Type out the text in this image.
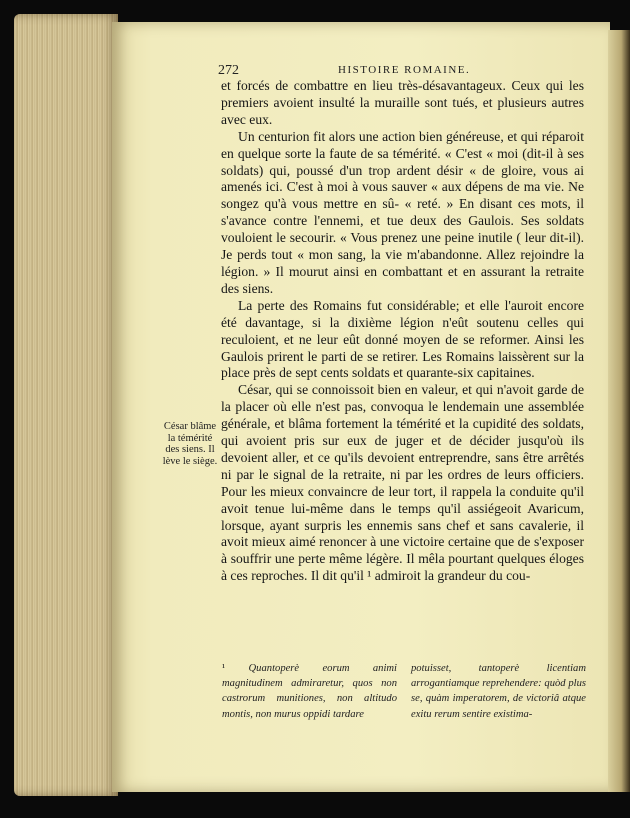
272	HISTOIRE ROMAINE.

et forcés de combattre en lieu très-désavantageux. Ceux qui les premiers avoient insulté la muraille sont tués, et plusieurs autres avec eux.

Un centurion fit alors une action bien généreuse, et qui réparoit en quelque sorte la faute de sa témérité. « C'est « moi (dit-il à ses soldats) qui, poussé d'un trop ardent désir « de gloire, vous ai amenés ici. C'est à moi à vous sauver « aux dépens de ma vie. Ne songez qu'à vous mettre en sû- « reté. » En disant ces mots, il s'avance contre l'ennemi, et tue deux des Gaulois. Ses soldats vouloient le secourir. « Vous prenez une peine inutile ( leur dit-il). Je perds tout « mon sang, la vie m'abandonne. Allez rejoindre la légion. » Il mourut ainsi en combattant et en assurant la retraite des siens.

La perte des Romains fut considérable; et elle l'auroit encore été davantage, si la dixième légion n'eût soutenu celles qui reculoient, et ne leur eût donné moyen de se reformer. Ainsi les Gaulois prirent le parti de se retirer. Les Romains laissèrent sur la place près de sept cents soldats et quarante-six capitaines.

César, qui se connoissoit bien en valeur, et qui n'avoit garde de la placer où elle n'est pas, convoqua le lendemain une assemblée générale, et blâma fortement la témérité et la cupidité des soldats, qui avoient pris sur eux de juger et de décider jusqu'où ils devoient aller, et ce qu'ils devoient entreprendre, sans être arrêtés ni par le signal de la retraite, ni par les ordres de leurs officiers. Pour les mieux convaincre de leur tort, il rappela la conduite qu'il avoit tenue lui-même dans le temps qu'il assiégeoit Avaricum, lorsque, ayant surpris les ennemis sans chef et sans cavalerie, il avoit mieux aimé renoncer à une victoire certaine que de s'exposer à souffrir une perte même légère. Il mêla pourtant quelques éloges à ces reproches. Il dit qu'il ¹ admiroit la grandeur du cou-

César blâme la témérité des siens. Il lève le siège.

¹ Quantoperè eorum animi magnitudinem admiraretur, quos non castrorum munitiones, non altitudo montis, non murus oppidi tardare

potuisset, tantoperè licentiam arrogantiamque reprehendere: quòd plus se, quàm imperatorem, de victoriâ atque exitu rerum sentire existima-
